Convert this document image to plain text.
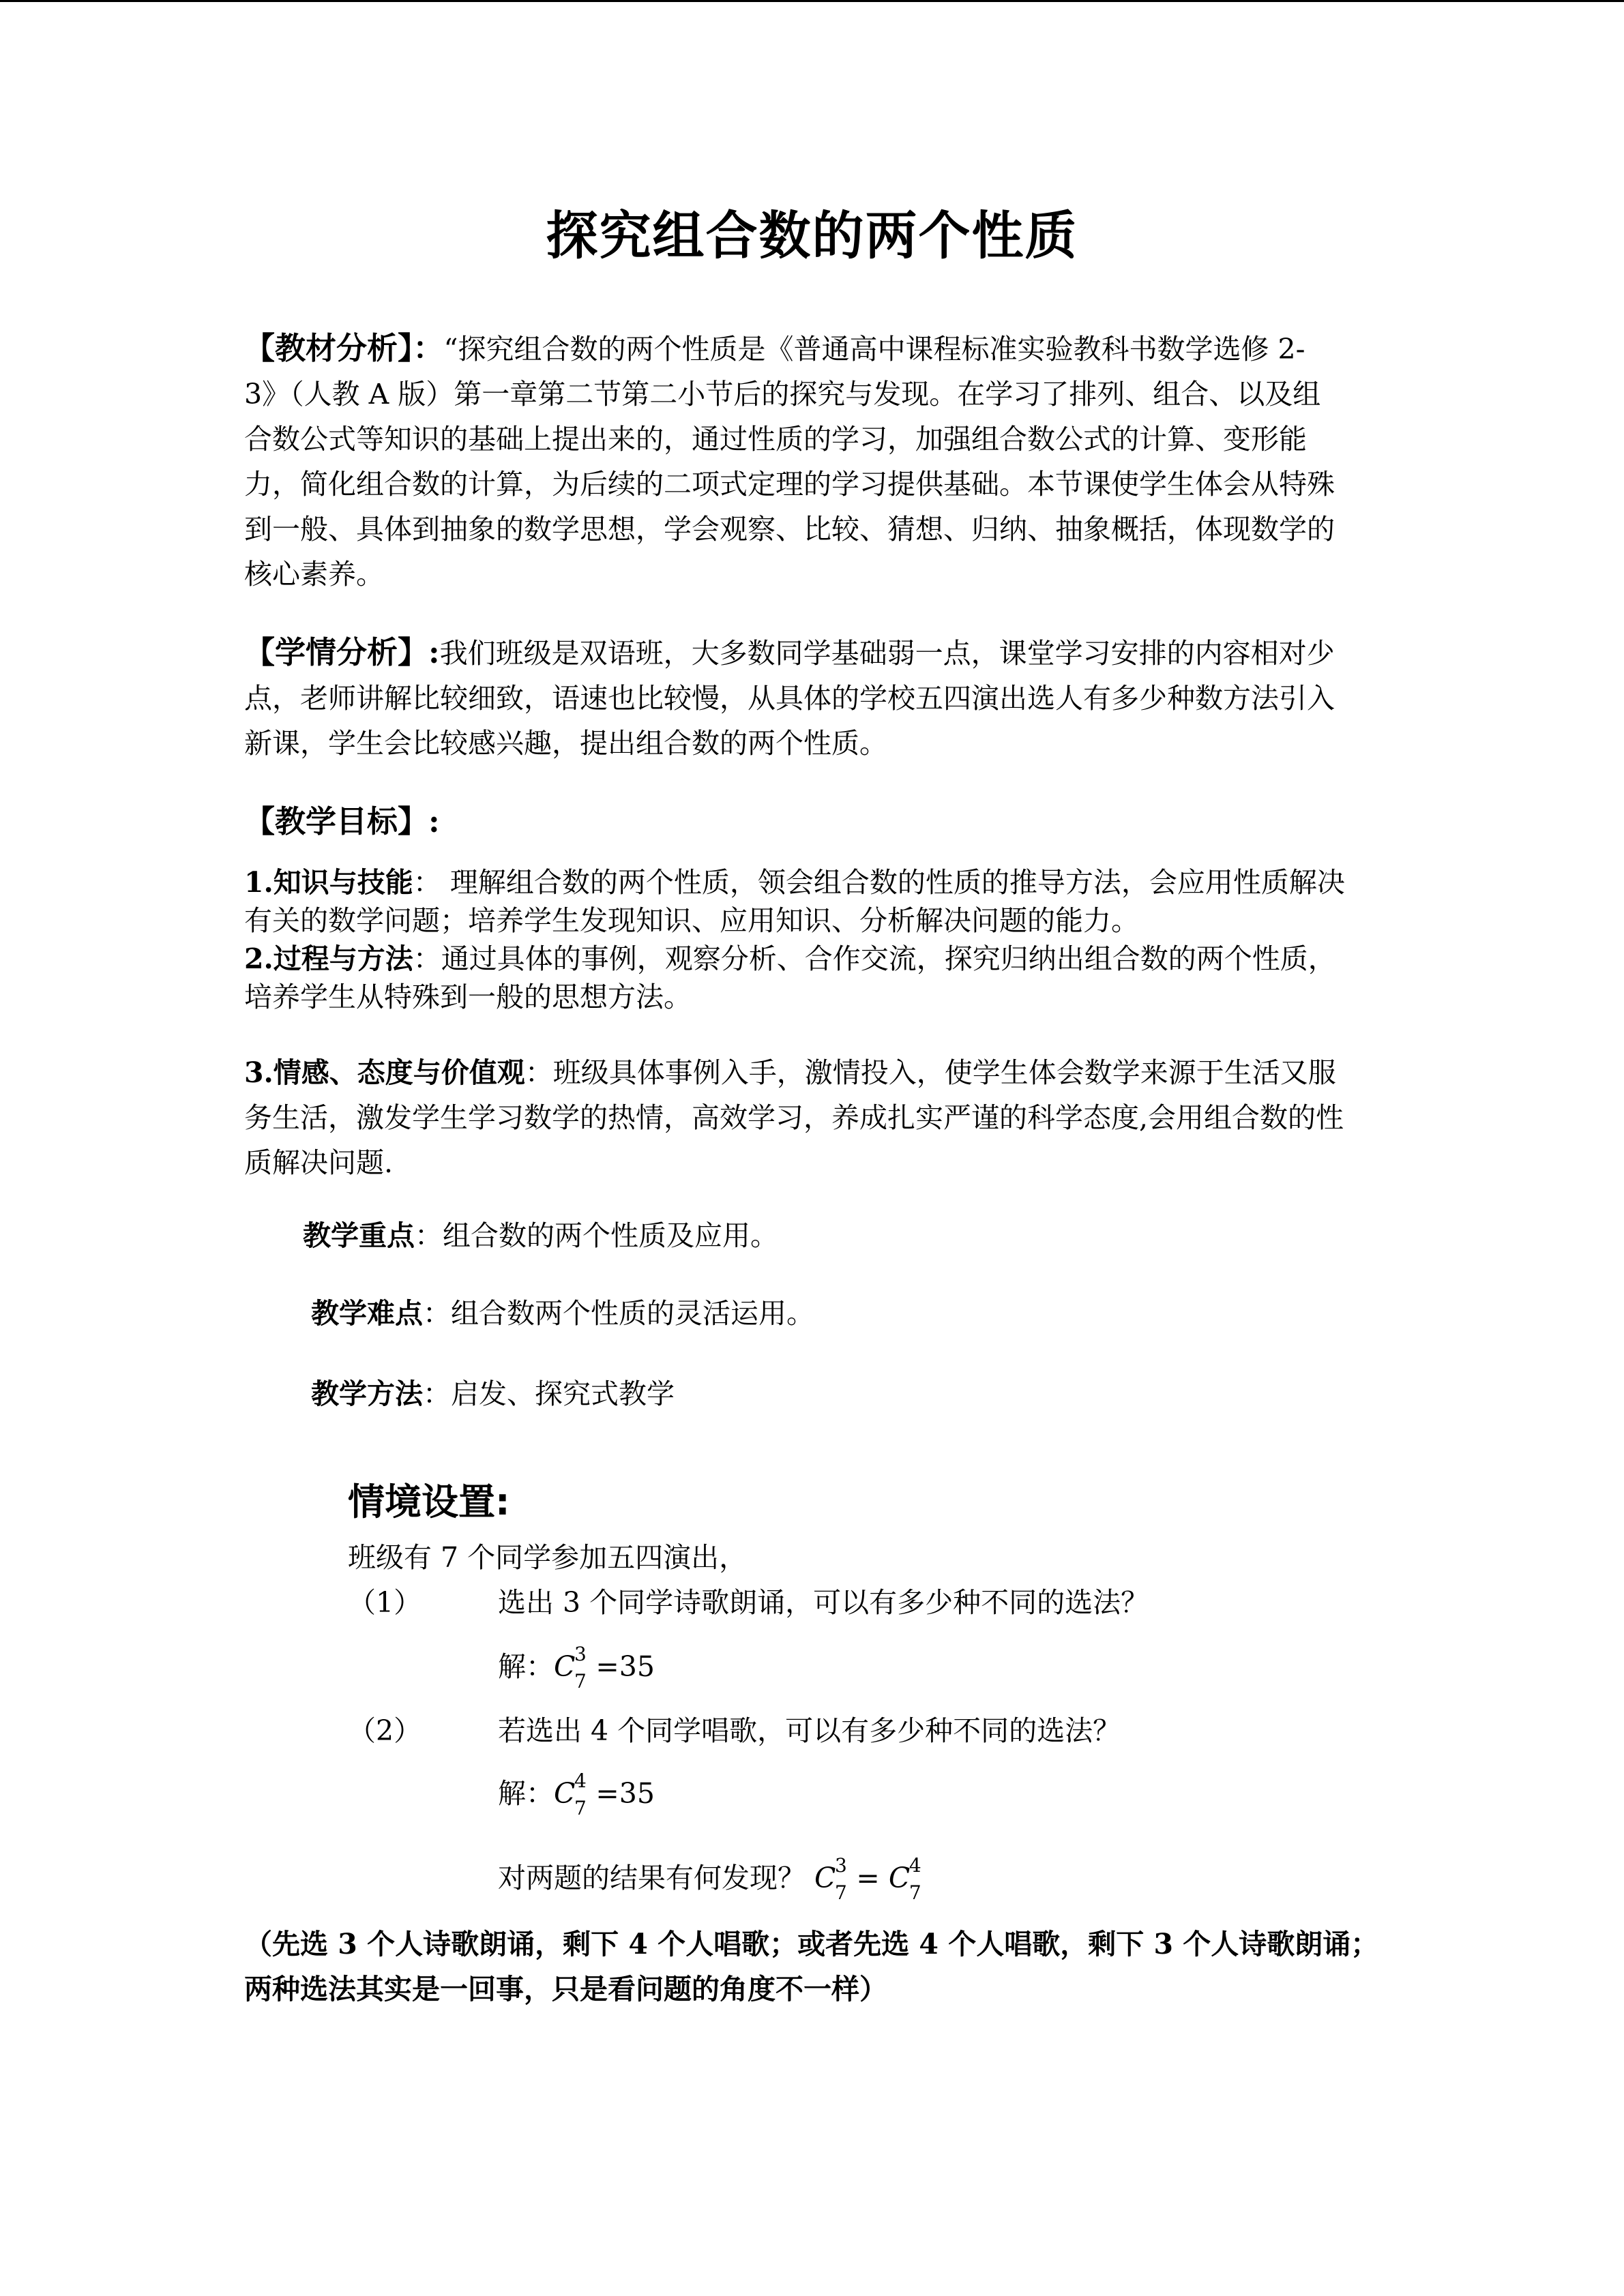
探究组合数的两个性质
【教材分析】：“探究组合数的两个性质是《普通高中课程标准实验教科书数学选修 2-
3》（人教 A 版）第一章第二节第二小节后的探究与发现。在学习了排列、组合、以及组
合数公式等知识的基础上提出来的，通过性质的学习，加强组合数公式的计算、变形能
力，简化组合数的计算，为后续的二项式定理的学习提供基础。本节课使学生体会从特殊
到一般、具体到抽象的数学思想，学会观察、比较、猜想、归纳、抽象概括，体现数学的
核心素养。
【学情分析】:我们班级是双语班，大多数同学基础弱一点，课堂学习安排的内容相对少
点，老师讲解比较细致，语速也比较慢，从具体的学校五四演出选人有多少种数方法引入
新课，学生会比较感兴趣，提出组合数的两个性质。
【教学目标】:
1.知识与技能： 理解组合数的两个性质，领会组合数的性质的推导方法，会应用性质解决
有关的数学问题；培养学生发现知识、应用知识、分析解决问题的能力。
2.过程与方法：通过具体的事例，观察分析、合作交流，探究归纳出组合数的两个性质，
培养学生从特殊到一般的思想方法。
3.情感、态度与价值观：班级具体事例入手，激情投入，使学生体会数学来源于生活又服
务生活，激发学生学习数学的热情，高效学习，养成扎实严谨的科学态度,会用组合数的性
质解决问题.
教学重点：组合数的两个性质及应用。
教学难点：组合数两个性质的灵活运用。
教学方法：启发、探究式教学
情境设置:
班级有 7 个同学参加五四演出，
（1）	选出 3 个同学诗歌朗诵，可以有多少种不同的选法？
解：C
3
7 =35
（2）	若选出 4 个同学唱歌，可以有多少种不同的选法？
解：C
4
7 =35
对两题的结果有何发现？ C
3
7 = C
4
7
（先选 3 个人诗歌朗诵，剩下 4 个人唱歌；或者先选 4 个人唱歌，剩下 3 个人诗歌朗诵；
两种选法其实是一回事，只是看问题的角度不一样）
